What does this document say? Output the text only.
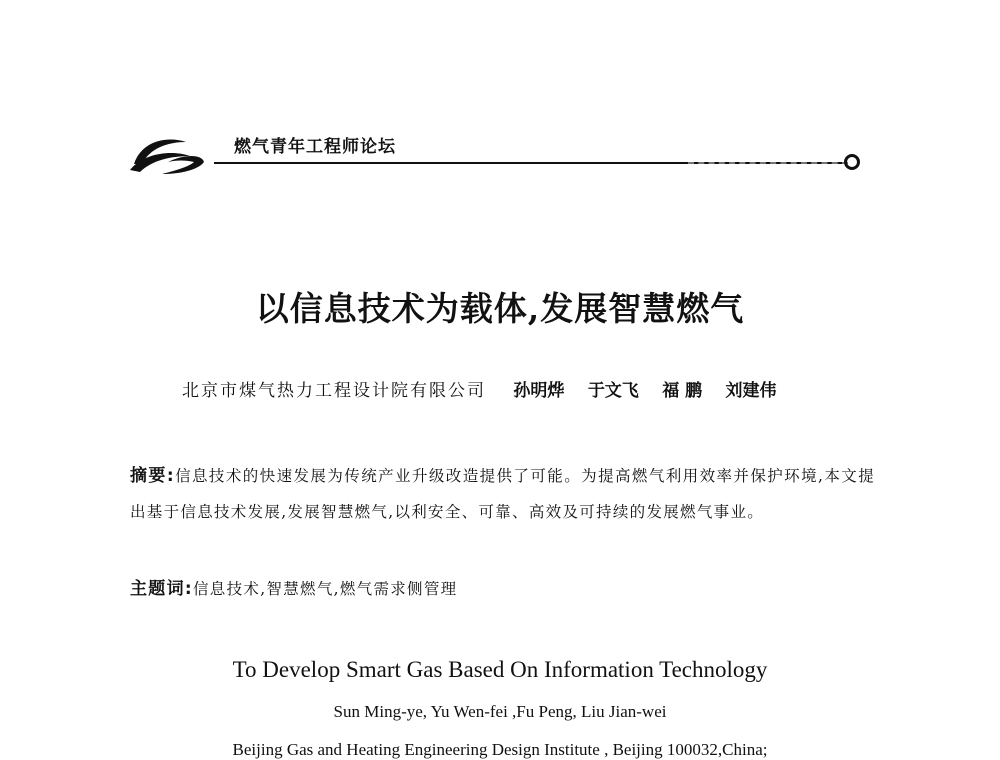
燃气青年工程师论坛
以信息技术为载体,发展智慧燃气
北京市煤气热力工程设计院有限公司 孙明烨 于文飞 福 鹏 刘建伟
摘要:信息技术的快速发展为传统产业升级改造提供了可能。为提高燃气利用效率并保护环境,本文提出基于信息技术发展,发展智慧燃气,以利安全、可靠、高效及可持续的发展燃气事业。
主题词:信息技术,智慧燃气,燃气需求侧管理
To Develop Smart Gas Based On Information Technology
Sun Ming-ye, Yu Wen-fei ,Fu Peng, Liu Jian-wei
Beijing Gas and Heating Engineering Design Institute , Beijing 100032,China;
